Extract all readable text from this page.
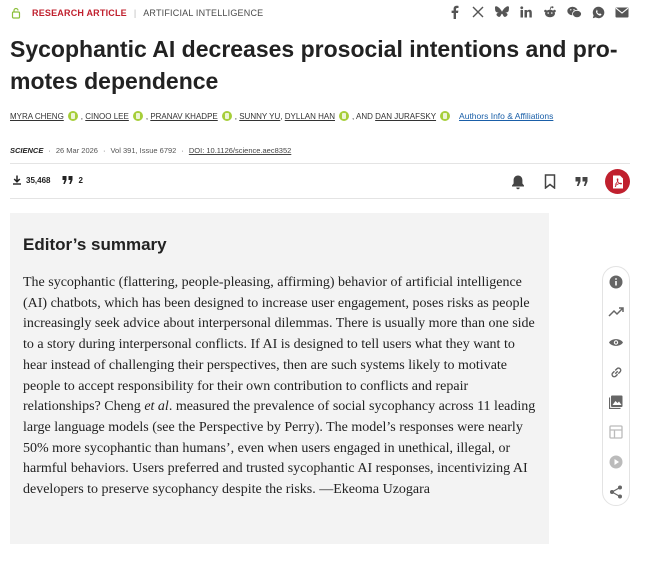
RESEARCH ARTICLE | ARTIFICIAL INTELLIGENCE
Sycophantic AI decreases prosocial intentions and promotes dependence
MYRA CHENG ,
CINOO LEE ,
PRANAV KHADPE ,
SUNNY YU ,
DYLLAN HAN , AND
DAN JURAFSKY	Authors Info & Affiliations
SCIENCE · 26 Mar 2026 · Vol 391, Issue 6792 · DOI: 10.1126/science.aec8352
35,468	2
Editor’s summary

The sycophantic (flattering, people-pleasing, affirming) behavior of artificial intelligence (AI) chatbots, which has been designed to increase user engagement, poses risks as people increasingly seek advice about interpersonal dilemmas. There is usually more than one side to a story during interpersonal conflicts. If AI is designed to tell users what they want to hear instead of challenging their perspectives, then are such systems likely to motivate people to accept responsibility for their own contribution to conflicts and repair relationships? Cheng et al. measured the prevalence of social sycophancy across 11 leading large language models (see the Perspective by Perry). The model’s responses were nearly 50% more sycophantic than humans’, even when users engaged in unethical, illegal, or harmful behaviors. Users preferred and trusted sycophantic AI responses, incentivizing AI developers to preserve sycophancy despite the risks. —Ekeoma Uzogara
